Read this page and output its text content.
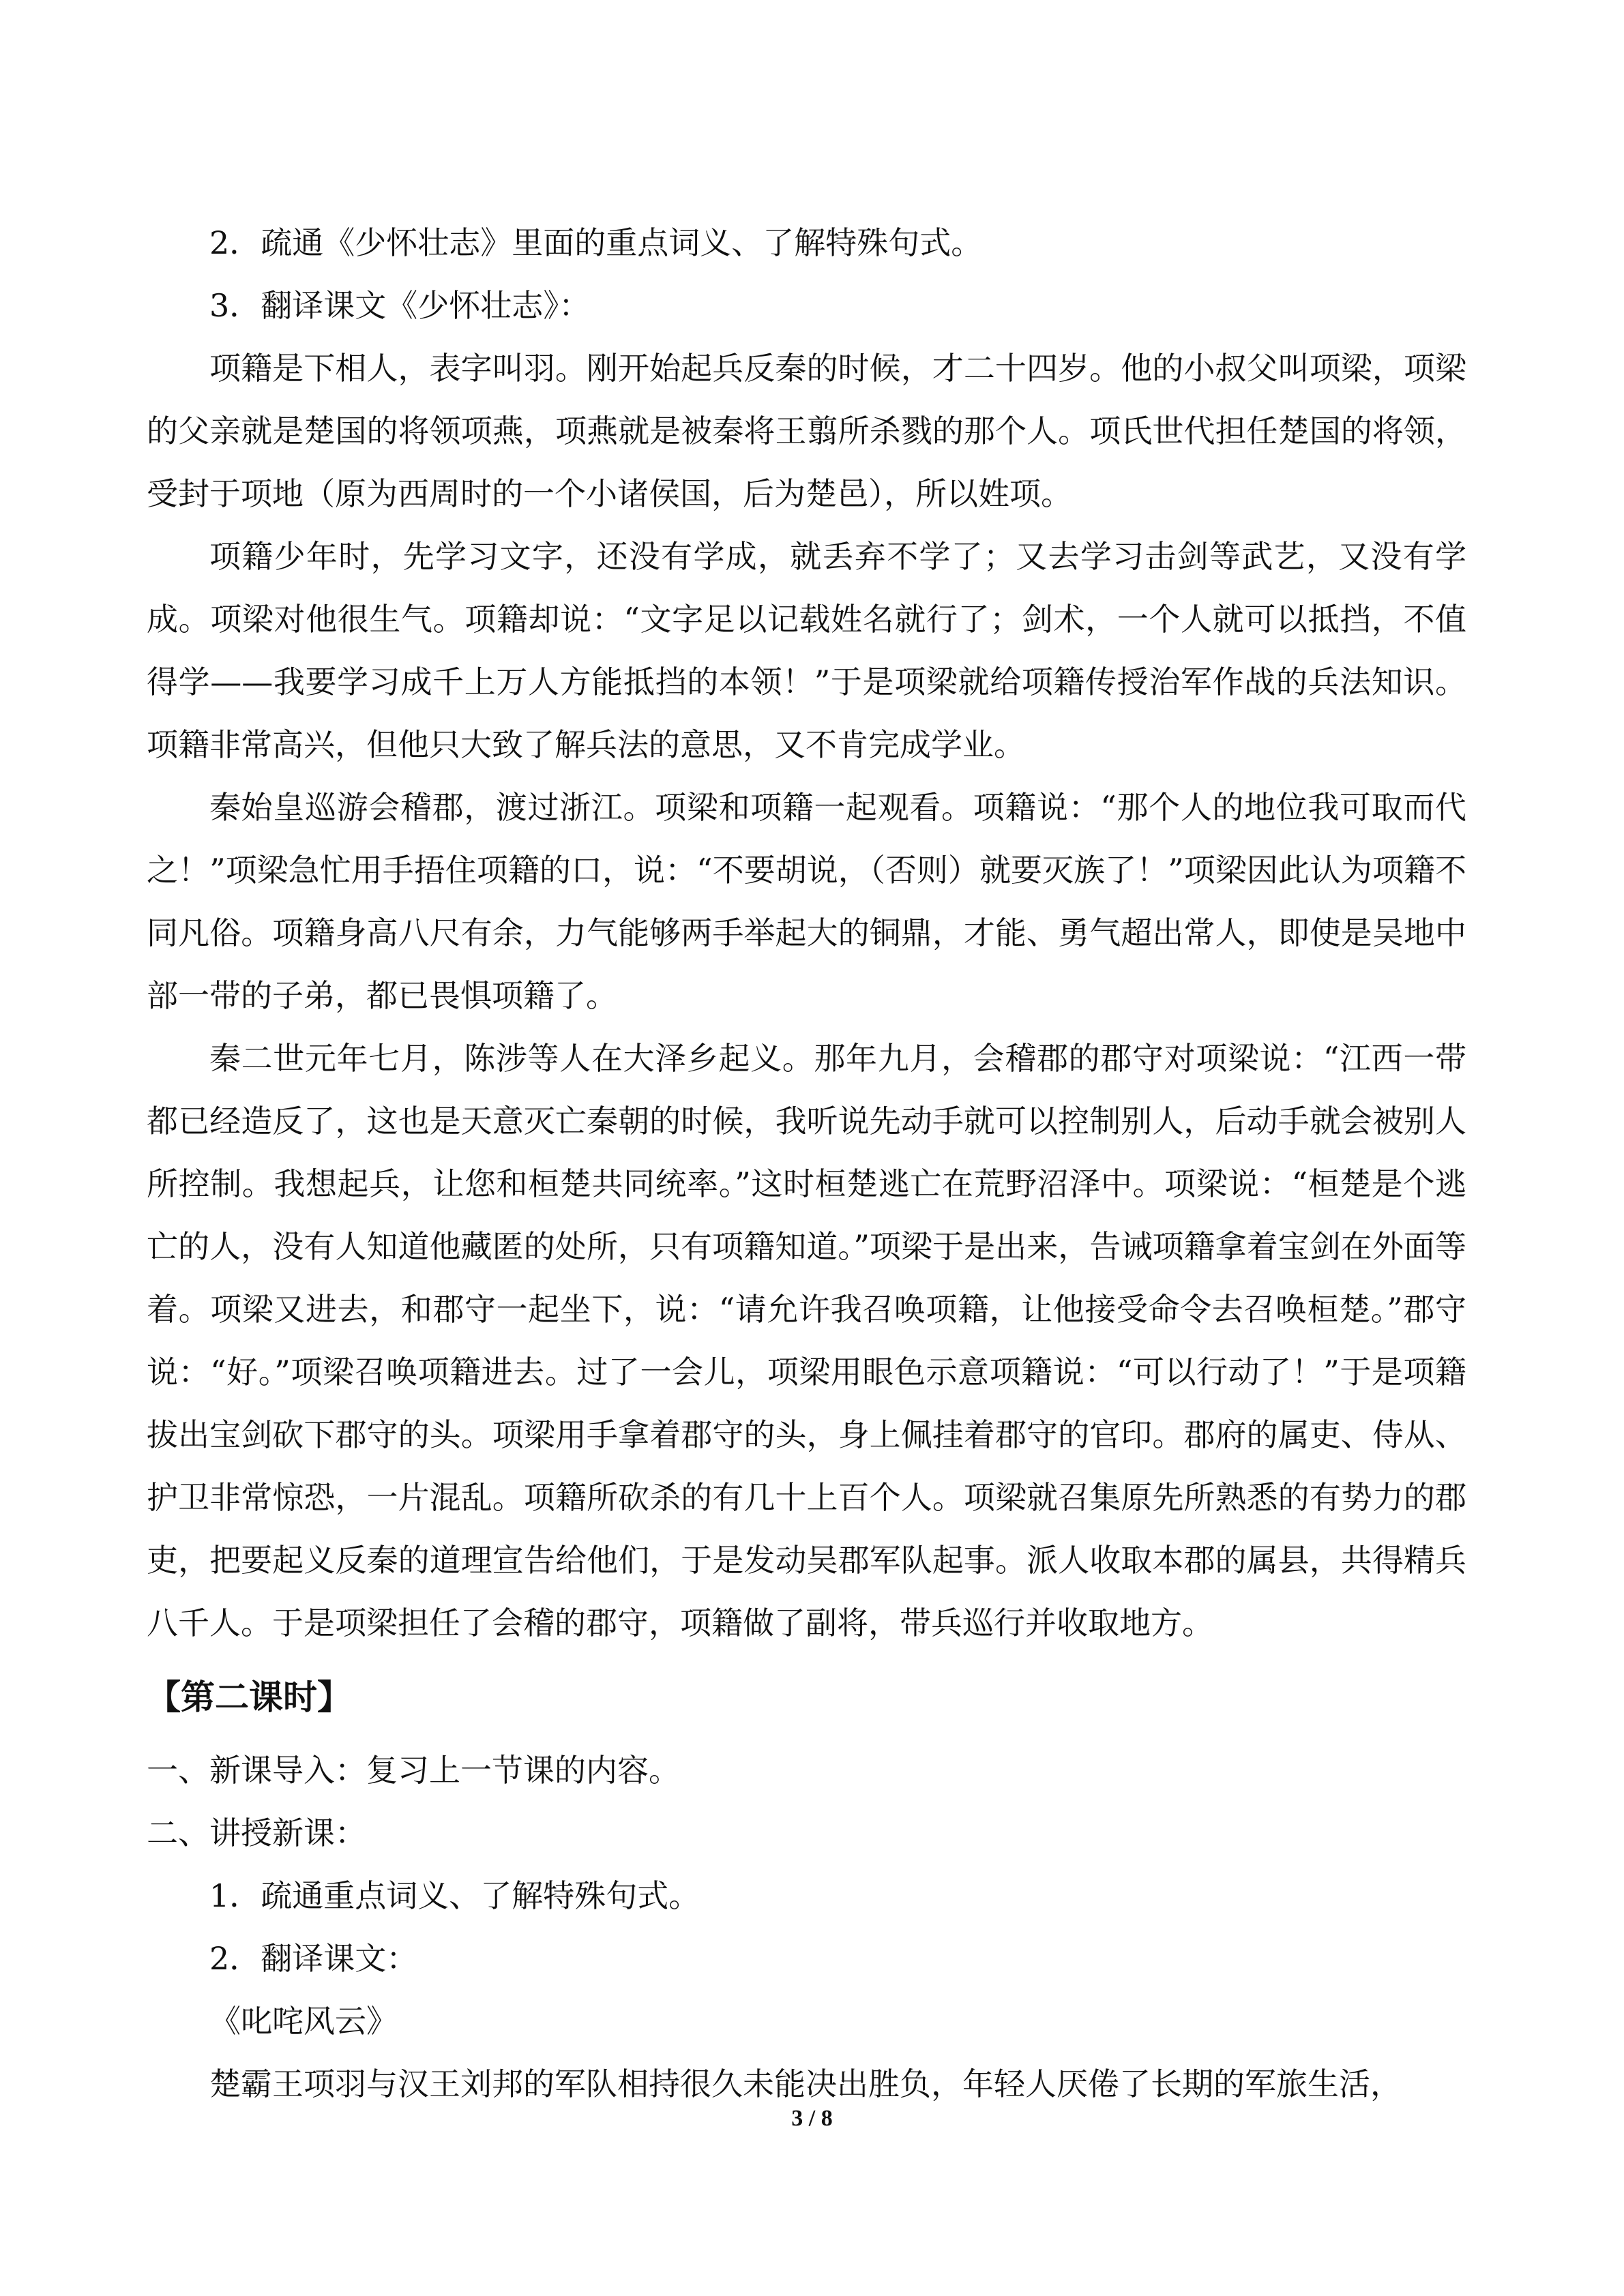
2．疏通《少怀壮志》里面的重点词义、了解特殊句式。

3．翻译课文《少怀壮志》：

项籍是下相人，表字叫羽。刚开始起兵反秦的时候，才二十四岁。他的小叔父叫项梁，项梁的父亲就是楚国的将领项燕，项燕就是被秦将王翦所杀戮的那个人。项氏世代担任楚国的将领，受封于项地（原为西周时的一个小诸侯国，后为楚邑），所以姓项。

项籍少年时，先学习文字，还没有学成，就丢弃不学了；又去学习击剑等武艺，又没有学成。项梁对他很生气。项籍却说：“文字足以记载姓名就行了；剑术，一个人就可以抵挡，不值得学——我要学习成千上万人方能抵挡的本领！”于是项梁就给项籍传授治军作战的兵法知识。项籍非常高兴，但他只大致了解兵法的意思，又不肯完成学业。

秦始皇巡游会稽郡，渡过浙江。项梁和项籍一起观看。项籍说：“那个人的地位我可取而代之！”项梁急忙用手捂住项籍的口，说：“不要胡说，（否则）就要灭族了！”项梁因此认为项籍不同凡俗。项籍身高八尺有余，力气能够两手举起大的铜鼎，才能、勇气超出常人，即使是吴地中部一带的子弟，都已畏惧项籍了。

秦二世元年七月，陈涉等人在大泽乡起义。那年九月，会稽郡的郡守对项梁说：“江西一带都已经造反了，这也是天意灭亡秦朝的时候，我听说先动手就可以控制别人，后动手就会被别人所控制。我想起兵，让您和桓楚共同统率。”这时桓楚逃亡在荒野沼泽中。项梁说：“桓楚是个逃亡的人，没有人知道他藏匿的处所，只有项籍知道。”项梁于是出来，告诫项籍拿着宝剑在外面等着。项梁又进去，和郡守一起坐下，说：“请允许我召唤项籍，让他接受命令去召唤桓楚。”郡守说：“好。”项梁召唤项籍进去。过了一会儿，项梁用眼色示意项籍说：“可以行动了！”于是项籍拔出宝剑砍下郡守的头。项梁用手拿着郡守的头，身上佩挂着郡守的官印。郡府的属吏、侍从、护卫非常惊恐，一片混乱。项籍所砍杀的有几十上百个人。项梁就召集原先所熟悉的有势力的郡吏，把要起义反秦的道理宣告给他们，于是发动吴郡军队起事。派人收取本郡的属县，共得精兵八千人。于是项梁担任了会稽的郡守，项籍做了副将，带兵巡行并收取地方。

【第二课时】

一、新课导入：复习上一节课的内容。

二、讲授新课：

1．疏通重点词义、了解特殊句式。

2．翻译课文：

《叱咤风云》

楚霸王项羽与汉王刘邦的军队相持很久未能决出胜负，年轻人厌倦了长期的军旅生活，

3 / 8
